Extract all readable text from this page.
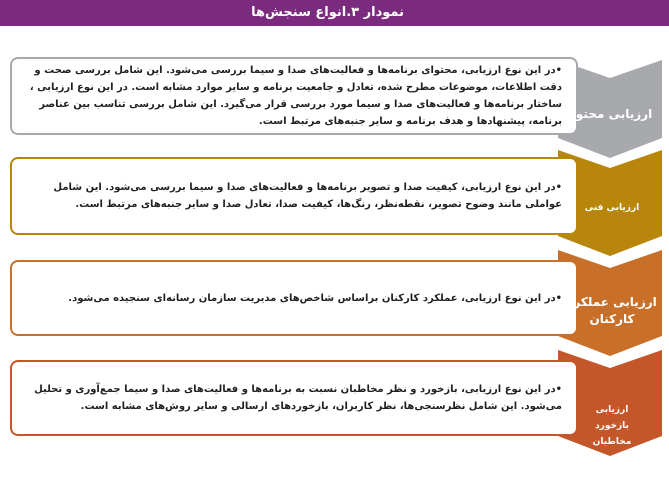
نمودار ۳.انواع سنجش‌ها
•در این نوع ارزیابی، محتوای برنامه‌ها و فعالیت‌های صدا و سیما بررسی می‌شود. این شامل بررسی صحت و دقت اطلاعات، موضوعات مطرح شده، تعادل و جامعیت برنامه و سایر موارد مشابه است. در این نوع ارزیابی ، ساختار برنامه‌ها و فعالیت‌های صدا و سیما مورد بررسی قرار می‌گیرد. این شامل بررسی تناسب بین عناصر برنامه، پیشنهادها و هدف برنامه و سایر جنبه‌های مرتبط است.
ارزیابی محتوا
•در این نوع ارزیابی، کیفیت صدا و تصویر برنامه‌ها و فعالیت‌های صدا و سیما بررسی می‌شود. این شامل عواملی مانند وضوح تصویر، نقطه‌نظر، رنگ‌ها، کیفیت صدا، تعادل صدا و سایر جنبه‌های مرتبط است.	ارزیابی فنی
•در این نوع ارزیابی، عملکرد کارکنان براساس شاخص‌های مدیریت سازمان رسانه‌ای سنجیده می‌شود. ارزیابی عملکرد کارکنان
•در این نوع ارزیابی، بازخورد و نظر مخاطبان نسبت به برنامه‌ها و فعالیت‌های صدا و سیما جمع‌آوری و تحلیل می‌شود. این شامل نظرسنجی‌ها، نظر کاربران، بازخوردهای ارسالی و سایر روش‌های مشابه است.	ارزیابی بازخورد مخاطبان
